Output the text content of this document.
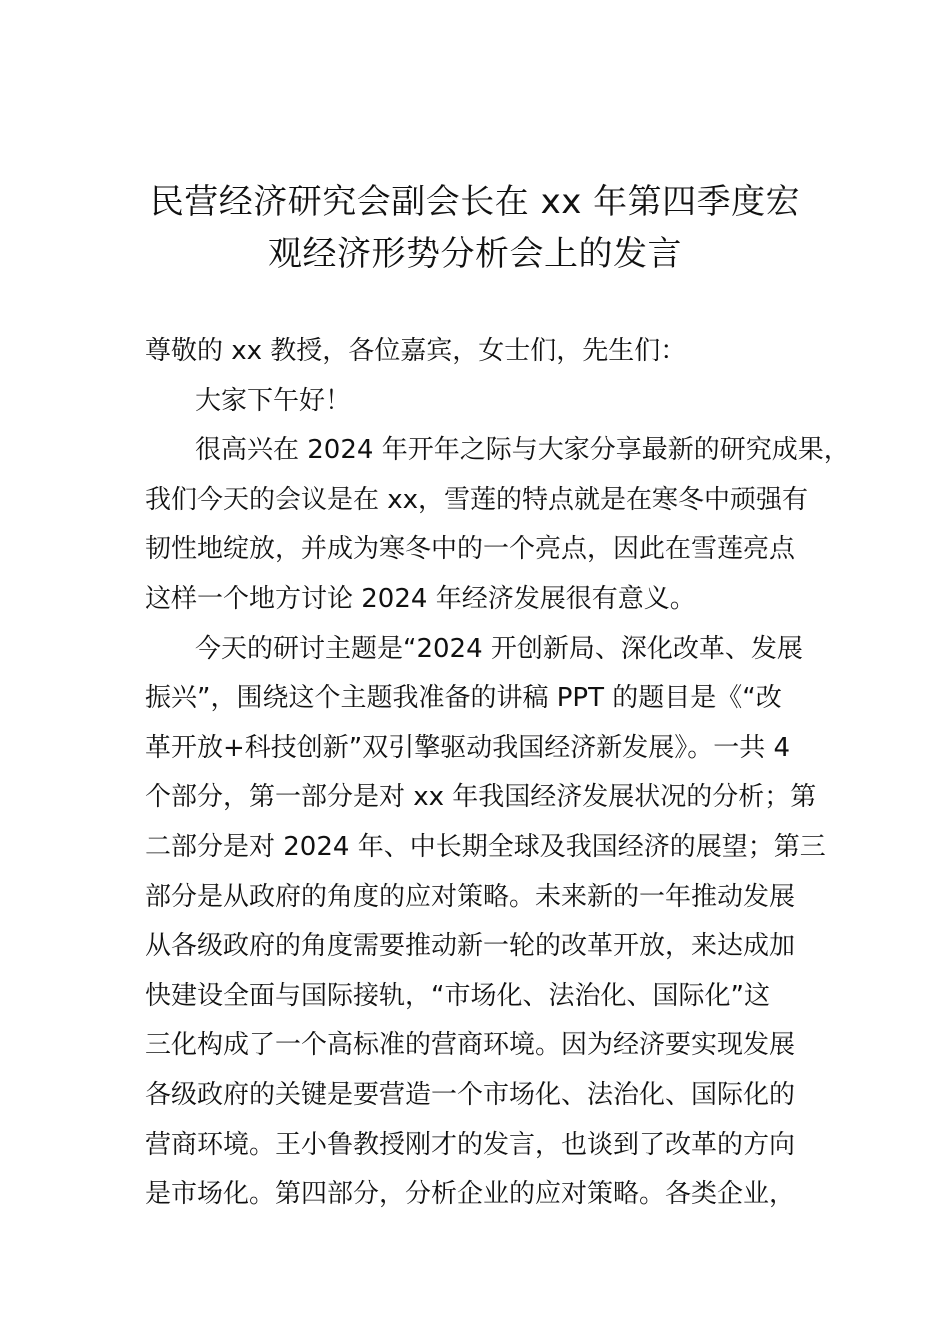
民营经济研究会副会长在 xx 年第四季度宏
观经济形势分析会上的发言
尊敬的 xx 教授，各位嘉宾，女士们，先生们：
大家下午好！
很高兴在 2024 年开年之际与大家分享最新的研究成果，
我们今天的会议是在 xx，雪莲的特点就是在寒冬中顽强有
韧性地绽放，并成为寒冬中的一个亮点，因此在雪莲亮点
这样一个地方讨论 2024 年经济发展很有意义。
今天的研讨主题是“2024 开创新局、深化改革、发展
振兴”，围绕这个主题我准备的讲稿 PPT 的题目是《“改
革开放+科技创新”双引擎驱动我国经济新发展》。一共 4
个部分，第一部分是对 xx 年我国经济发展状况的分析；第
二部分是对 2024 年、中长期全球及我国经济的展望；第三
部分是从政府的角度的应对策略。未来新的一年推动发展
从各级政府的角度需要推动新一轮的改革开放，来达成加
快建设全面与国际接轨，“市场化、法治化、国际化”这
三化构成了一个高标准的营商环境。因为经济要实现发展
各级政府的关键是要营造一个市场化、法治化、国际化的
营商环境。王小鲁教授刚才的发言，也谈到了改革的方向
是市场化。第四部分，分析企业的应对策略。各类企业，
